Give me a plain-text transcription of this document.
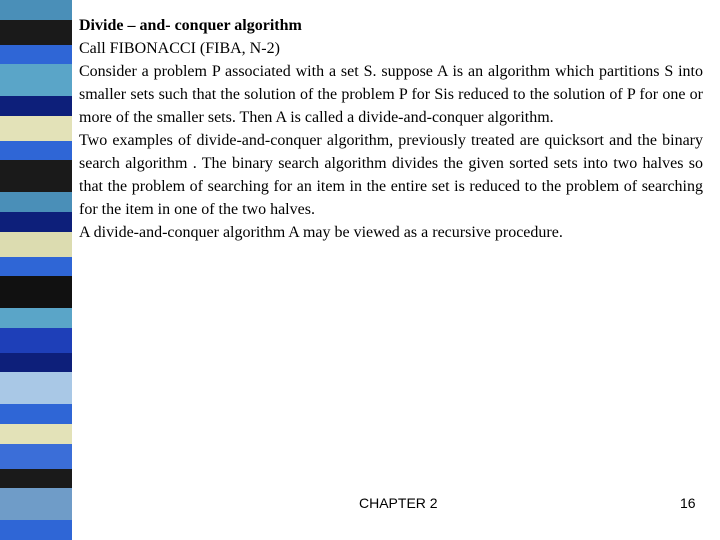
Divide – and- conquer algorithm

Call FIBONACCI (FIBA, N-2)

Consider a problem P associated with a set S. suppose A is an algorithm which partitions S into smaller sets such that the solution of the problem P for Sis reduced to the solution of P for one or more of the smaller sets. Then A is called a divide-and-conquer algorithm.

Two examples of divide-and-conquer algorithm, previously treated are quicksort and the binary search algorithm . The binary search algorithm divides the given sorted sets into two halves so that the problem of searching for an item in the entire set is reduced to the problem of searching for the item in one of the two halves.

A divide-and-conquer algorithm A may be viewed as a recursive procedure.

CHAPTER 2	16
